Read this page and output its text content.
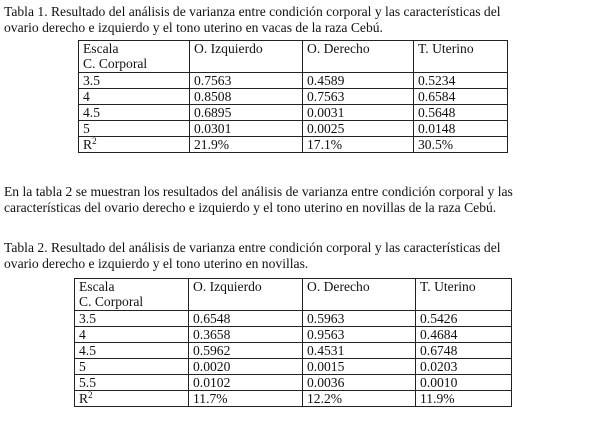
Tabla 1. Resultado del análisis de varianza entre condición corporal y las características del
ovario derecho e izquierdo y el tono uterino en vacas de la raza Cebú.

Escala
C. Corporal	O. Izquierdo	O. Derecho	T. Uterino
3.5	0.7563	0.4589	0.5234
4	0.8508	0.7563	0.6584
4.5	0.6895	0.0031	0.5648
5	0.0301	0.0025	0.0148
$R^2$	21.9%	17.1%	30.5%

En la tabla 2 se muestran los resultados del análisis de varianza entre condición corporal y las
características del ovario derecho e izquierdo y el tono uterino en novillas de la raza Cebú.

Tabla 2. Resultado del análisis de varianza entre condición corporal y las características del
ovario derecho e izquierdo y el tono uterino en novillas.

Escala
C. Corporal	O. Izquierdo	O. Derecho	T. Uterino
3.5	0.6548	0.5963	0.5426
4	0.3658	0.9563	0.4684
4.5	0.5962	0.4531	0.6748
5	0.0020	0.0015	0.0203
5.5	0.0102	0.0036	0.0010
$R^2$	11.7%	12.2%	11.9%
